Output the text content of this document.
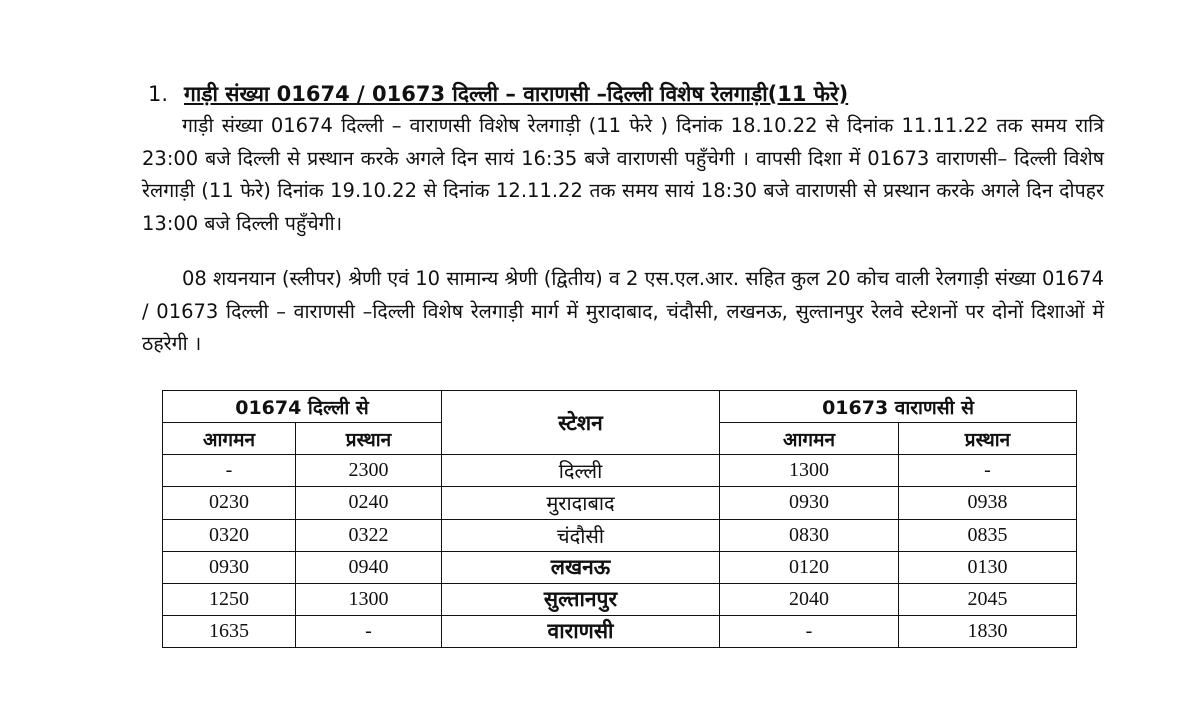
1. गाड़ी संख्या 01674 / 01673 दिल्ली – वाराणसी –दिल्ली विशेष रेलगाड़ी(11 फेरे)
गाड़ी संख्या 01674 दिल्ली – वाराणसी विशेष रेलगाड़ी (11 फेरे ) दिनांक 18.10.22 से दिनांक 11.11.22 तक समय रात्रि 23:00 बजे दिल्ली से प्रस्थान करके अगले दिन सायं 16:35 बजे वाराणसी पहुँचेगी । वापसी दिशा में 01673 वाराणसी– दिल्ली विशेष रेलगाड़ी (11 फेरे) दिनांक 19.10.22 से दिनांक 12.11.22 तक समय सायं 18:30 बजे वाराणसी से प्रस्थान करके अगले दिन दोपहर 13:00 बजे दिल्ली पहुँचेगी।
08 शयनयान (स्लीपर) श्रेणी एवं 10 सामान्य श्रेणी (द्वितीय) व 2 एस.एल.आर. सहित कुल 20 कोच वाली रेलगाड़ी संख्या 01674 / 01673 दिल्ली – वाराणसी –दिल्ली विशेष रेलगाड़ी मार्ग में मुरादाबाद, चंदौसी, लखनऊ, सुल्तानपुर रेलवे स्टेशनों पर दोनों दिशाओं में ठहरेगी ।
01674 दिल्ली से		स्टेशन	01673 वाराणसी से	
आगमन	प्रस्थान		आगमन	प्रस्थान
-	2300	दिल्ली	1300	-
0230	0240	मुरादाबाद	0930	0938
0320	0322	चंदौसी	0830	0835
0930	0940	लखनऊ	0120	0130
1250	1300	सुल्तानपुर	2040	2045
1635	-	वाराणसी	-	1830
